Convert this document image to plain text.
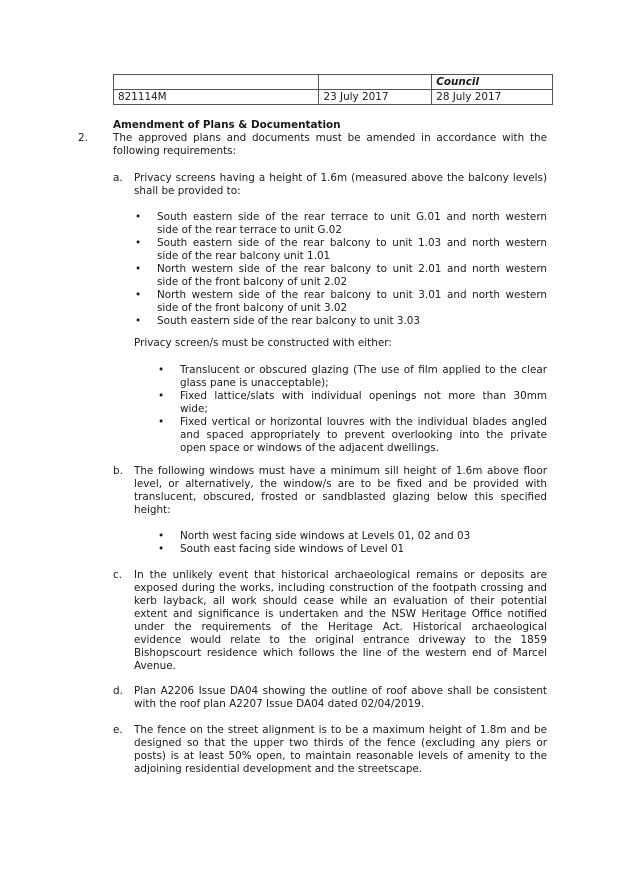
		Council
821114M	23 July 2017	28 July 2017
Amendment of Plans & Documentation
2. The approved plans and documents must be amended in accordance with the
following requirements:
a. Privacy screens having a height of 1.6m (measured above the balcony levels)
shall be provided to:
• South eastern side of the rear terrace to unit G.01 and north western
side of the rear terrace to unit G.02
• South eastern side of the rear balcony to unit 1.03 and north western
side of the rear balcony unit 1.01
• North western side of the rear balcony to unit 2.01 and north western
side of the front balcony of unit 2.02
• North western side of the rear balcony to unit 3.01 and north western
side of the front balcony of unit 3.02
• South eastern side of the rear balcony to unit 3.03
Privacy screen/s must be constructed with either:
• Translucent or obscured glazing (The use of film applied to the clear
glass pane is unacceptable);
• Fixed lattice/slats with individual openings not more than 30mm
wide;
• Fixed vertical or horizontal louvres with the individual blades angled
and spaced appropriately to prevent overlooking into the private
open space or windows of the adjacent dwellings.
b. The following windows must have a minimum sill height of 1.6m above floor
level, or alternatively, the window/s are to be fixed and be provided with
translucent, obscured, frosted or sandblasted glazing below this specified
height:
• North west facing side windows at Levels 01, 02 and 03
• South east facing side windows of Level 01
c. In the unlikely event that historical archaeological remains or deposits are
exposed during the works, including construction of the footpath crossing and
kerb layback, all work should cease while an evaluation of their potential
extent and significance is undertaken and the NSW Heritage Office notified
under the requirements of the Heritage Act. Historical archaeological
evidence would relate to the original entrance driveway to the 1859
Bishopscourt residence which follows the line of the western end of Marcel
Avenue.
d. Plan A2206 Issue DA04 showing the outline of roof above shall be consistent
with the roof plan A2207 Issue DA04 dated 02/04/2019.
e. The fence on the street alignment is to be a maximum height of 1.8m and be
designed so that the upper two thirds of the fence (excluding any piers or
posts) is at least 50% open, to maintain reasonable levels of amenity to the
adjoining residential development and the streetscape.
